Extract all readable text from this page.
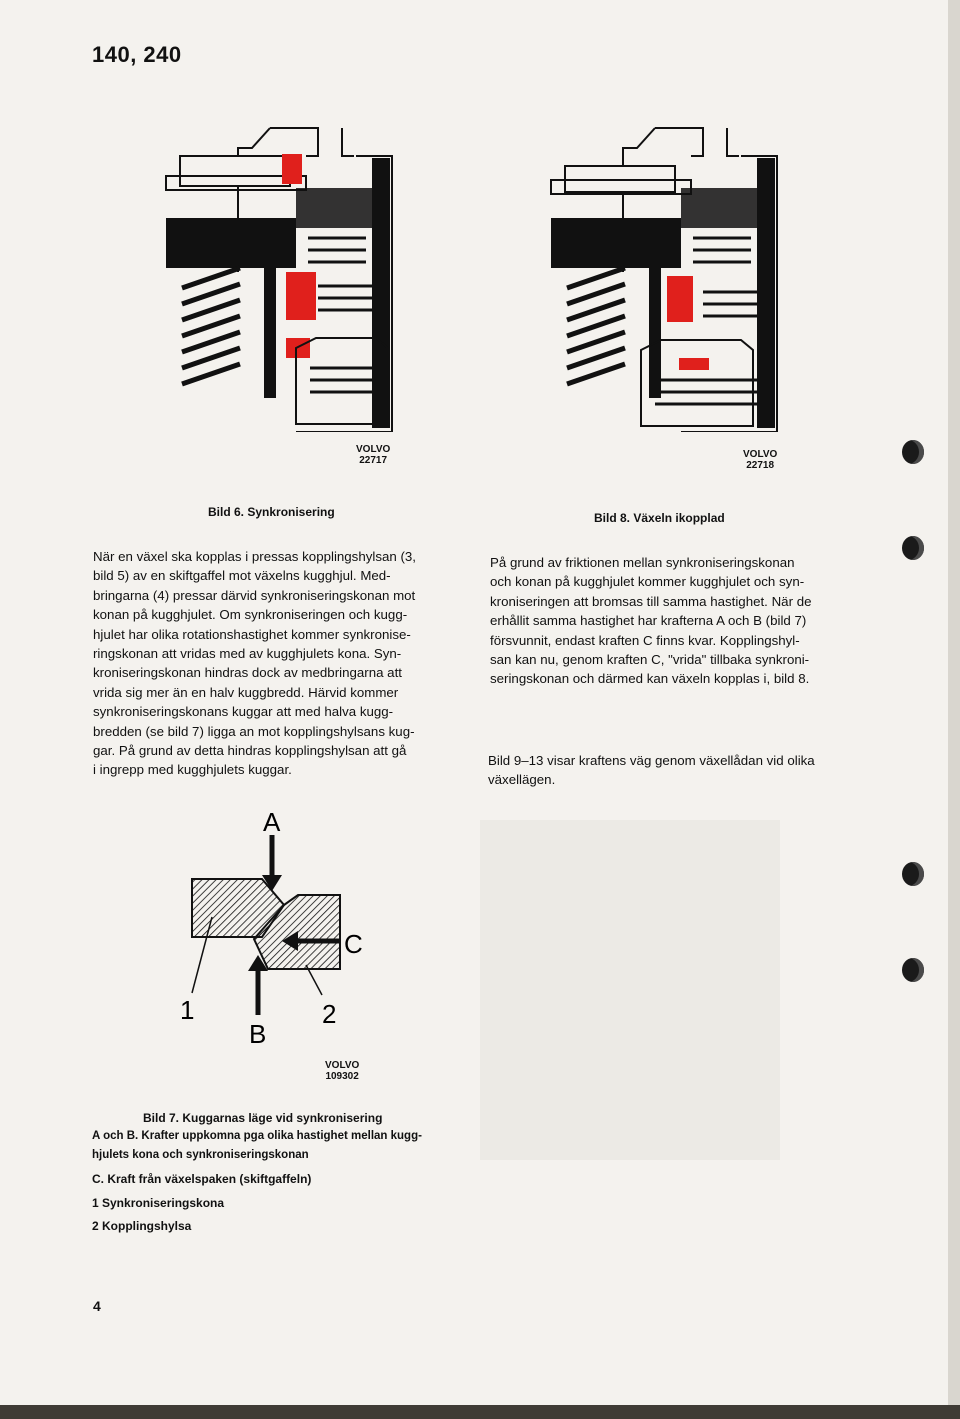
140, 240
VOLVO
22717
Bild 6. Synkronisering
VOLVO
22718
Bild 8. Växeln ikopplad
När en växel ska kopplas i pressas kopplingshylsan (3,
bild 5) av en skiftgaffel mot växelns kugghjul. Med-
bringarna (4) pressar därvid synkroniseringskonan mot
konan på kugghjulet. Om synkroniseringen och kugg-
hjulet har olika rotationshastighet kommer synkronise-
ringskonan att vridas med av kugghjulets kona. Syn-
kroniseringskonan hindras dock av medbringarna att
vrida sig mer än en halv kuggbredd. Härvid kommer
synkroniseringskonans kuggar att med halva kugg-
bredden (se bild 7) ligga an mot kopplingshylsans kug-
gar. På grund av detta hindras kopplingshylsan att gå
i ingrepp med kugghjulets kuggar.
På grund av friktionen mellan synkroniseringskonan
och konan på kugghjulet kommer kugghjulet och syn-
kroniseringen att bromsas till samma hastighet. När de
erhållit samma hastighet har krafterna A och B (bild 7)
försvunnit, endast kraften C finns kvar. Kopplingshyl-
san kan nu, genom kraften C, "vrida" tillbaka synkroni-
seringskonan och därmed kan växeln kopplas i, bild 8.
Bild 9–13 visar kraftens väg genom växellådan vid olika
växellägen.
A
B
C
1	2
VOLVO
109302
Bild 7. Kuggarnas läge vid synkronisering
A och B. Krafter uppkomna pga olika hastighet mellan kugg-
hjulets kona och synkroniseringskonan
C. Kraft från växelspaken (skiftgaffeln)
1 Synkroniseringskona
2 Kopplingshylsa
4
